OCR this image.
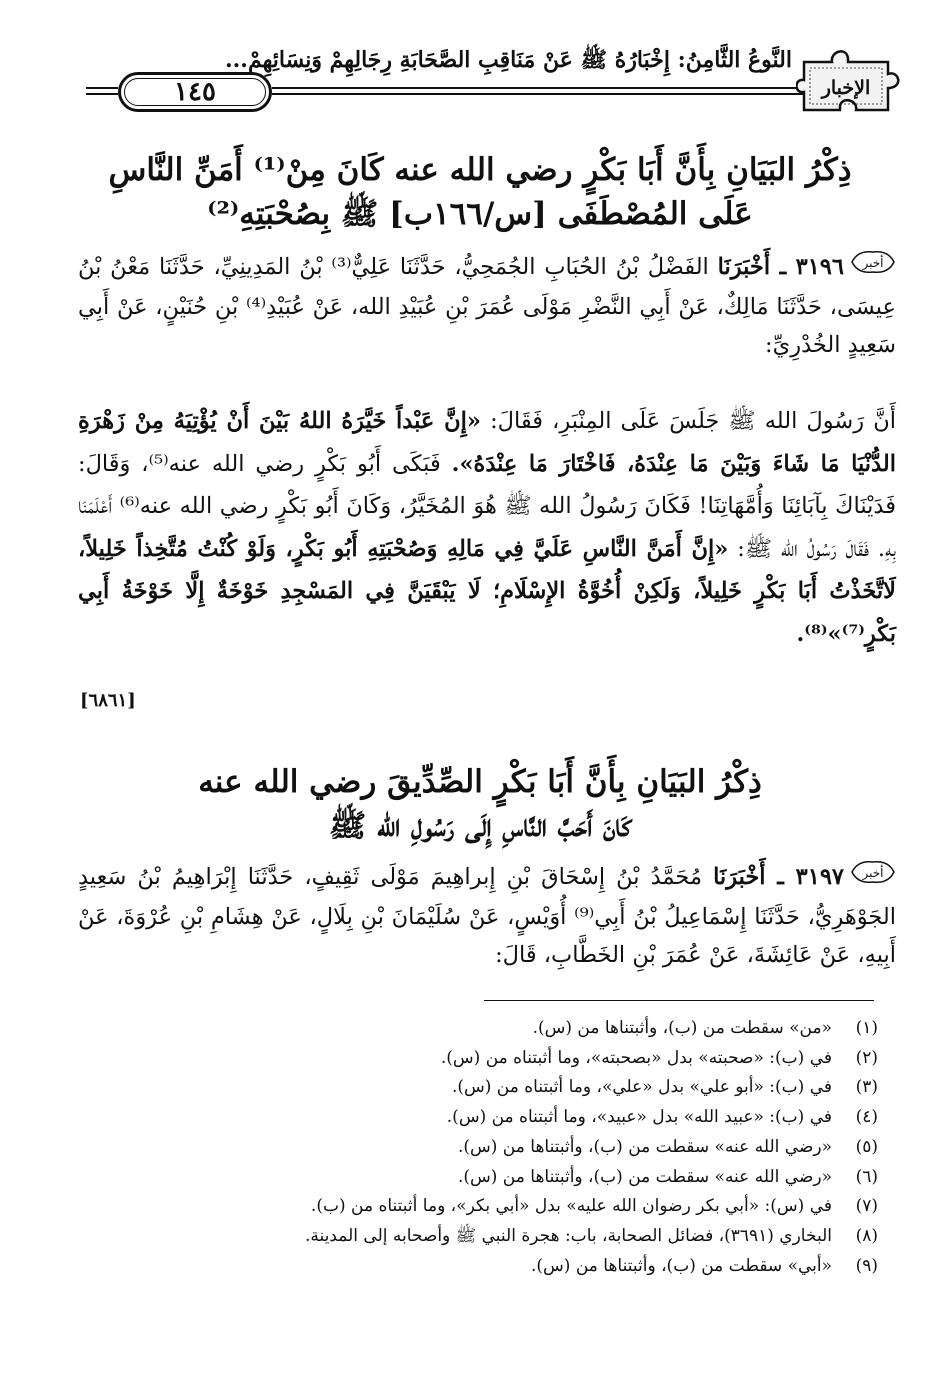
١٤٥
النَّوعُ الثَّامِنُ: إِخْبَارُهُ ﷺ عَنْ مَنَاقِبِ الصَّحَابَةِ رِجَالِهِمْ وَنِسَائِهِمْ...
الإخبار
ذِكْرُ البَيَانِ بِأَنَّ أَبَا بَكْرٍ رضي الله عنه كَانَ مِنْ⁽¹⁾ أَمَنِّ النَّاسِ
عَلَى المُصْطَفَى [س/١٦٦ب] ﷺ بِصُحْبَتِهِ⁽²⁾
أخبر
٣١٩٦ ـ أَخْبَرَنَا الفَضْلُ بْنُ الحُبَابِ الجُمَحِيُّ، حَدَّثَنَا عَلِيٌّ⁽³⁾ بْنُ المَدِينِيِّ، حَدَّثَنَا مَعْنُ بْنُ عِيسَى، حَدَّثَنَا مَالِكٌ، عَنْ أَبِي النَّضْرِ مَوْلَى عُمَرَ بْنِ عُبَيْدِ الله، عَنْ عُبَيْدِ⁽⁴⁾ بْنِ حُنَيْنٍ، عَنْ أَبِي سَعِيدٍ الخُدْرِيِّ:
أَنَّ رَسُولَ الله ﷺ جَلَسَ عَلَى المِنْبَرِ، فَقَالَ: «إِنَّ عَبْداً خَيَّرَهُ اللهُ بَيْنَ أَنْ يُؤْتِيَهُ مِنْ زَهْرَةِ الدُّنْيَا مَا شَاءَ وَبَيْنَ مَا عِنْدَهُ، فَاخْتَارَ مَا عِنْدَهُ». فَبَكَى أَبُو بَكْرٍ رضي الله عنه⁽⁵⁾، وَقَالَ: فَدَيْنَاكَ بِآبَائِنَا وَأُمَّهَاتِنَا! فَكَانَ رَسُولُ الله ﷺ هُوَ المُخَيَّرُ، وَكَانَ أَبُو بَكْرٍ رضي الله عنه⁽⁶⁾ أَعْلَمَنَا بِهِ. فَقَالَ رَسُولُ الله ﷺ: «إِنَّ أَمَنَّ النَّاسِ عَلَيَّ فِي مَالِهِ وَصُحْبَتِهِ أَبُو بَكْرٍ، وَلَوْ كُنْتُ مُتَّخِذاً خَلِيلاً، لَاتَّخَذْتُ أَبَا بَكْرٍ خَلِيلاً، وَلَكِنْ أُخُوَّةُ الإِسْلَامِ؛ لَا يَبْقَيَنَّ فِي المَسْجِدِ خَوْخَةٌ إِلَّا خَوْخَةُ أَبِي بَكْرٍ⁽⁷⁾»⁽⁸⁾.
[٦٨٦١]
ذِكْرُ البَيَانِ بِأَنَّ أَبَا بَكْرٍ الصِّدِّيقَ رضي الله عنه
كَانَ أَحَبَّ النَّاسِ إِلَى رَسُولِ الله ﷺ
أخبر
٣١٩٧ ـ أَخْبَرَنَا مُحَمَّدُ بْنُ إِسْحَاقَ بْنِ إِبراهِيمَ مَوْلَى ثَقِيفٍ، حَدَّثَنَا إِبْرَاهِيمُ بْنُ سَعِيدٍ الجَوْهَرِيُّ، حَدَّثَنَا إِسْمَاعِيلُ بْنُ أَبِي⁽⁹⁾ أُوَيْسٍ، عَنْ سُلَيْمَانَ بْنِ بِلَالٍ، عَنْ هِشَامِ بْنِ عُرْوَةَ، عَنْ أَبِيهِ، عَنْ عَائِشَةَ، عَنْ عُمَرَ بْنِ الخَطَّابِ، قَالَ:
(١)«من» سقطت من (ب)، وأثبتناها من (س).
(٢)في (ب): «صحبته» بدل «بصحبته»، وما أثبتناه من (س).
(٣)في (ب): «أبو علي» بدل «علي»، وما أثبتناه من (س).
(٤)في (ب): «عبيد الله» بدل «عبيد»، وما أثبتناه من (س).
(٥)«رضي الله عنه» سقطت من (ب)، وأثبتناها من (س).
(٦)«رضي الله عنه» سقطت من (ب)، وأثبتناها من (س).
(٧)في (س): «أبي بكر رضوان الله عليه» بدل «أبي بكر»، وما أثبتناه من (ب).
(٨)البخاري (٣٦٩١)، فضائل الصحابة، باب: هجرة النبي ﷺ وأصحابه إلى المدينة.
(٩)«أبي» سقطت من (ب)، وأثبتناها من (س).
